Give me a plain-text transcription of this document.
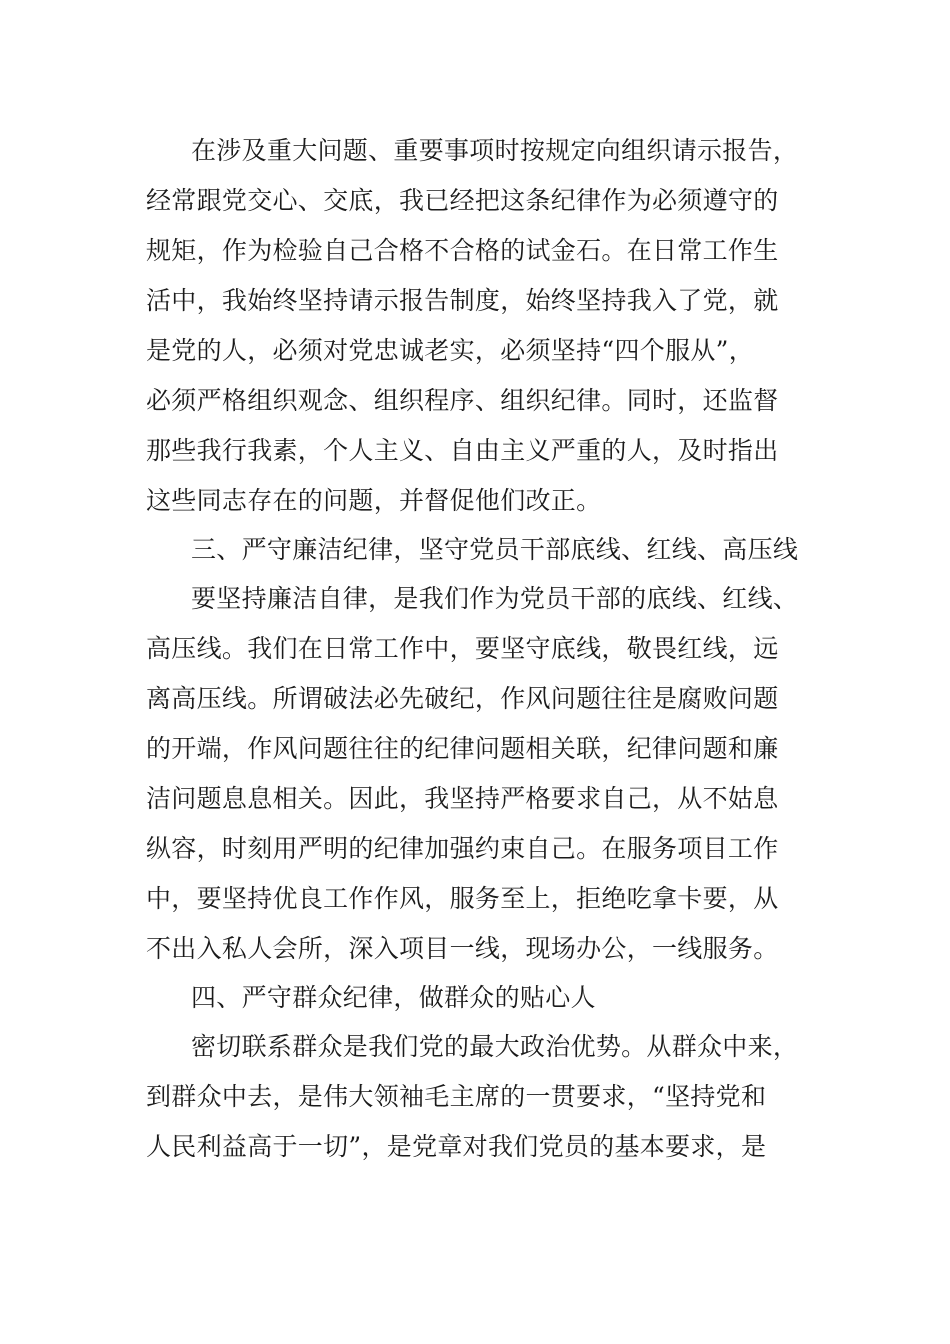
在涉及重大问题、重要事项时按规定向组织请示报告，
经常跟党交心、交底，我已经把这条纪律作为必须遵守的
规矩，作为检验自己合格不合格的试金石。在日常工作生
活中，我始终坚持请示报告制度，始终坚持我入了党，就
是党的人，必须对党忠诚老实，必须坚持“四个服从”，
必须严格组织观念、组织程序、组织纪律。同时，还监督
那些我行我素，个人主义、自由主义严重的人，及时指出
这些同志存在的问题，并督促他们改正。
三、严守廉洁纪律，坚守党员干部底线、红线、高压线
要坚持廉洁自律，是我们作为党员干部的底线、红线、
高压线。我们在日常工作中，要坚守底线，敬畏红线，远
离高压线。所谓破法必先破纪，作风问题往往是腐败问题
的开端，作风问题往往的纪律问题相关联，纪律问题和廉
洁问题息息相关。因此，我坚持严格要求自己，从不姑息
纵容，时刻用严明的纪律加强约束自己。在服务项目工作
中，要坚持优良工作作风，服务至上，拒绝吃拿卡要，从
不出入私人会所，深入项目一线，现场办公，一线服务。
四、严守群众纪律，做群众的贴心人
密切联系群众是我们党的最大政治优势。从群众中来，
到群众中去，是伟大领袖毛主席的一贯要求，“坚持党和
人民利益高于一切”，是党章对我们党员的基本要求，是
